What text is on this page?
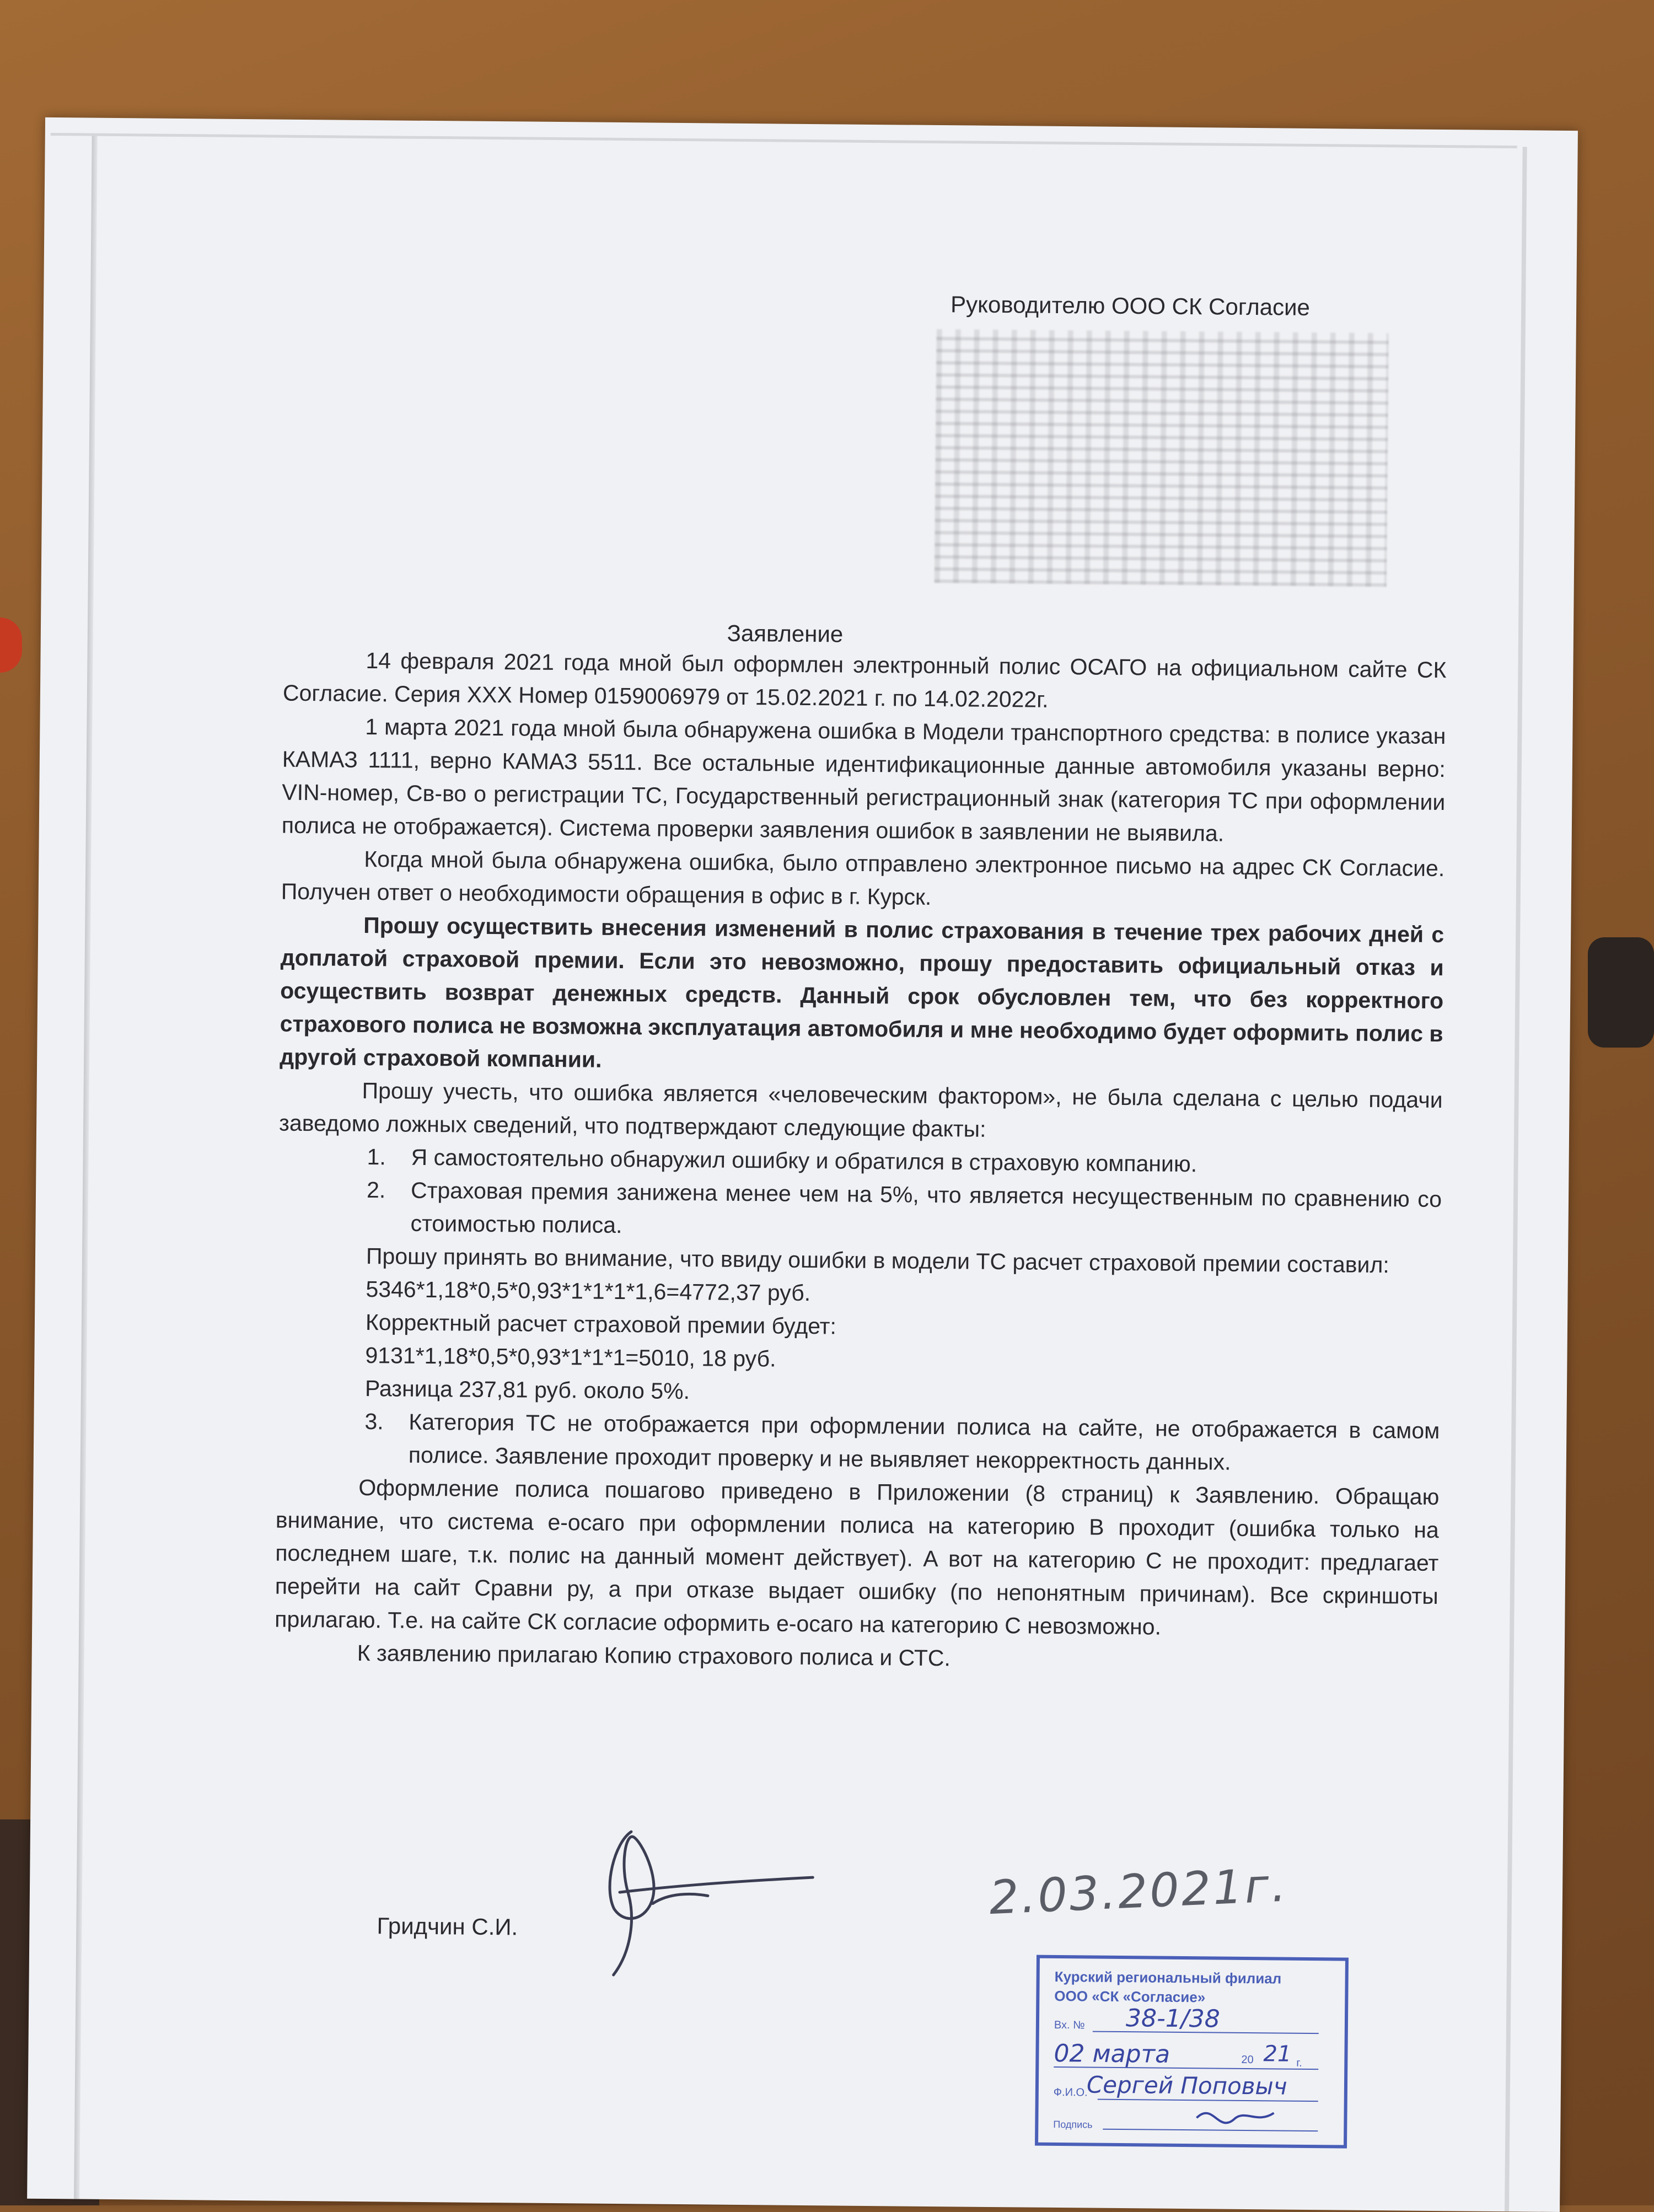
Руководителю ООО СК Согласие
Заявление

14 февраля 2021 года мной был оформлен электронный полис ОСАГО на официальном сайте СК Согласие. Серия ХХХ Номер 0159006979 от 15.02.2021 г. по 14.02.2022г.

1 марта 2021 года мной была обнаружена ошибка в Модели транспортного средства: в полисе указан КАМАЗ 1111, верно КАМАЗ 5511. Все остальные идентификационные данные автомобиля указаны верно: VIN-номер, Св-во о регистрации ТС, Государственный регистрационный знак (категория ТС при оформлении полиса не отображается). Система проверки заявления ошибок в заявлении не выявила.

Когда мной была обнаружена ошибка, было отправлено электронное письмо на адрес СК Согласие. Получен ответ о необходимости обращения в офис в г. Курск.

Прошу осуществить внесения изменений в полис страхования в течение трех рабочих дней с доплатой страховой премии. Если это невозможно, прошу предоставить официальный отказ и осуществить возврат денежных средств. Данный срок обусловлен тем, что без корректного страхового полиса не возможна эксплуатация автомобиля и мне необходимо будет оформить полис в другой страховой компании.

Прошу учесть, что ошибка является «человеческим фактором», не была сделана с целью подачи заведомо ложных сведений, что подтверждают следующие факты:

1. Я самостоятельно обнаружил ошибку и обратился в страховую компанию.
2. Страховая премия занижена менее чем на 5%, что является несущественным по сравнению со стоимостью полиса.

Прошу принять во внимание, что ввиду ошибки в модели ТС расчет страховой премии составил:

5346*1,18*0,5*0,93*1*1*1*1,6=4772,37 руб.

Корректный расчет страховой премии будет:

9131*1,18*0,5*0,93*1*1*1=5010, 18 руб.

Разница 237,81 руб. около 5%.

3. Категория ТС не отображается при оформлении полиса на сайте, не отображается в самом полисе. Заявление проходит проверку и не выявляет некорректность данных.

Оформление полиса пошагово приведено в Приложении (8 страниц) к Заявлению. Обращаю внимание, что система е-осаго при оформлении полиса на категорию В проходит (ошибка только на последнем шаге, т.к. полис на данный момент действует). А вот на категорию С не проходит: предлагает перейти на сайт Сравни ру, а при отказе выдает ошибку (по непонятным причинам). Все скриншоты прилагаю. Т.е. на сайте СК согласие оформить е-осаго на категорию С невозможно.

К заявлению прилагаю Копию страхового полиса и СТС.

Гридчин С.И.
2.03.2021г.
Курский региональный филиал
ООО «СК «Согласие»
Вх. № 38-1/38
02 марта	20 21 г.
Ф.И.О.
Сергей Поповыч
Подпись
